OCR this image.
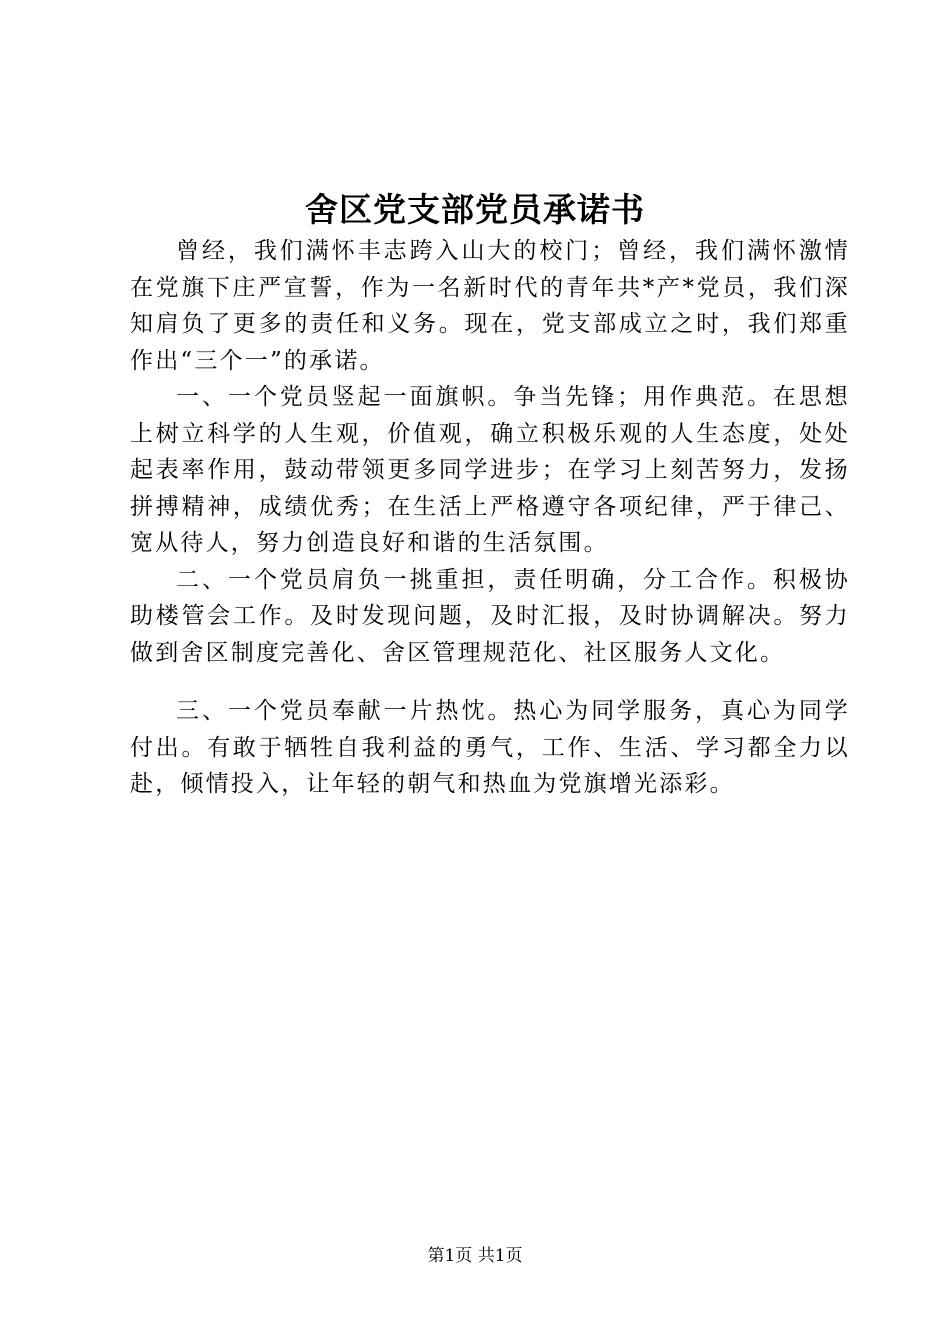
舍区党支部党员承诺书

曾经，我们满怀丰志跨入山大的校门；曾经，我们满怀激情在党旗下庄严宣誓，作为一名新时代的青年共*产*党员，我们深知肩负了更多的责任和义务。现在，党支部成立之时，我们郑重作出“三个一”的承诺。

一、一个党员竖起一面旗帜。争当先锋；用作典范。在思想上树立科学的人生观，价值观，确立积极乐观的人生态度，处处起表率作用，鼓动带领更多同学进步；在学习上刻苦努力，发扬拼搏精神，成绩优秀；在生活上严格遵守各项纪律，严于律己、宽从待人，努力创造良好和谐的生活氛围。

二、一个党员肩负一挑重担，责任明确，分工合作。积极协助楼管会工作。及时发现问题，及时汇报，及时协调解决。努力做到舍区制度完善化、舍区管理规范化、社区服务人文化。

三、一个党员奉献一片热忱。热心为同学服务，真心为同学付出。有敢于牺牲自我利益的勇气，工作、生活、学习都全力以赴，倾情投入，让年轻的朝气和热血为党旗增光添彩。

第1页 共1页
